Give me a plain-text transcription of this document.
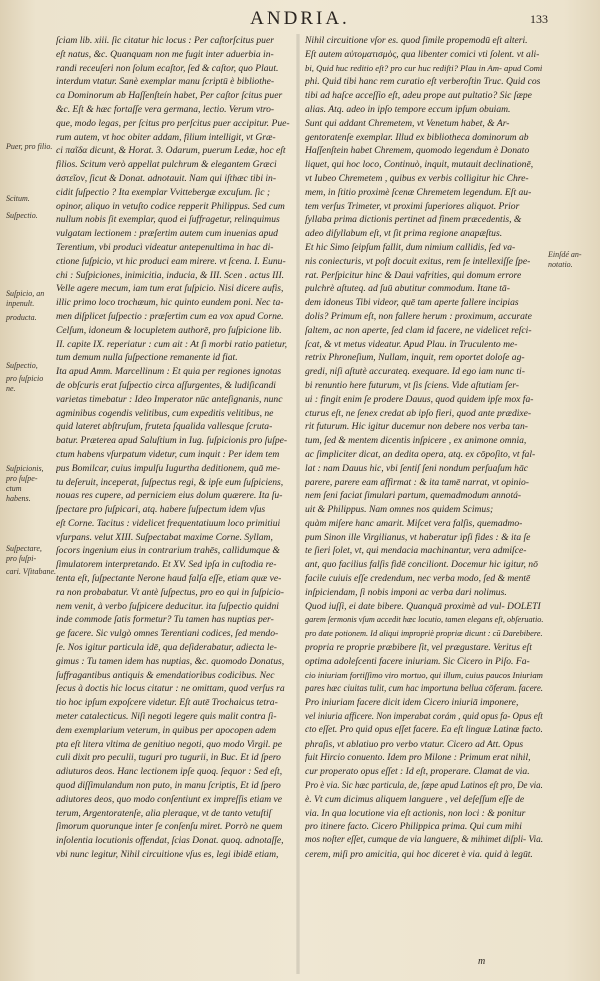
ANDRIA.	133
Puer, pro filio.
Scitum.
Suſpectio.
Suſpicio, an
inpenult.
producta.
Suſpectio,
pro ſuſpicio
ne.
Suſpicionis,
pro ſuſpe-
ctum
habens.
Suſpectare,
pro ſuſpi-
cari. Vſitabane.
ſciam lib. xiii. ſic citatur hic locus : Per caſtorſcitus puer
eſt natus, &c. Quanquam non me fugit inter aduerbia in-
randi receuſeri non ſolum ecaſtor, ſed & caſtor, quo Plaut.
interdum vtatur. Sanè exemplar manu ſcriptū è bibliothe-
ca Dominorum ab Haſſenſteín habet, Per caſtor ſcitus puer
&c. Eſt & hæc fortaſſe vera germana, lectio. Verum vtro-
que, modo legas, per ſcitus pro perſcitus puer accipitur. Pue-
rum autem, vt hoc obiter addam, filium intelligit, vt Græ-
ci παῖδα dicunt, & Horat. 3. Odarum, puerum Ledæ, hoc eſt
filios. Scitum verò appellat pulchrum & elegantem Græci
ἀστεῖον, ſicut & Donat. adnotauit. Nam qui iſthæc tibi in-
cidit ſuſpectio ? Ita exemplar Vvittebergæ excuſum. ſic ;
opinor, aliquo in vetuſto codice repperit Philippus. Sed cum
nullum nobis ſit exemplar, quod ei ſuffragetur, relinquimus
vulgatam lectionem : præſertim autem cum inuenias apud
Terentium, vbi producì videatur antepenultima in hac di-
ctione ſuſpicio, vt hic produci eam mirere. vt ſcena. I. Eunu-
chi : Suſpiciones, inimicitia, inducia, & III. Scen . actus III.
Velle agere mecum, iam tum erat ſuſpicio. Nisi dicere aufis,
illic primo loco trochæum, hic quinto eundem poni. Nec ta-
men diſplicet ſuſpectio : præſertim cum ea vox apud Corne.
Celſum, idoneum & locupletem authorē, pro ſuſpicione lib.
II. capite IX. reperiatur : cum ait : At ſi morbi ratio patietur,
tum demum nulla ſuſpectione remanente id fiat.
Ita apud Amm. Marcellinum : Et quia per regiones ignotas
de obſcuris erat ſuſpectio circa aſſurgentes, & ludiſicandi
varietas timebatur : Ideo Imperator nūc anteſignanis, nunc
agminibus cogendis velitibus, cum expeditis velitibus, ne
quid lateret abſtruſum, fruteta ſqualida vallesque ſcruta-
batur. Præterea apud Saluſtium in Iug. ſuſpicionis pro ſuſpe-
ctum habens vſurpatum videtur, cum inquit : Per idem tem
pus Bomilcar, cuius impulſu Iugurtha deditionem, quā me-
tu deſeruit, inceperat, ſuſpectus regi, & ipſe eum ſuſpiciens,
nouas res cupere, ad perniciem eius dolum quærere. Ita ſu-
ſpectare pro ſuſpicari, atq. habere ſuſpectum idem vſus
eſt Corne. Tacitus : videlicet frequentatiuum loco primitiui
vſurpans. velut XIII. Suſpectabat maxime Corne. Syllam,
ſocors ingenium eius in contrarium trahēs, callidumque &
ſimulatorem interpretando. Et XV. Sed ipſa in cuſtodia re-
tenta eſt, ſuſpectante Nerone haud falſa eſſe, etiam quæ ve-
ra non probabatur. Vt antè ſuſpectus, pro eo qui in ſuſpicio-
nem venit, à verbo ſuſpicere deducitur. ita ſuſpectio quidni
inde commode ſatis formetur? Tu tamen has nuptias per-
ge facere. Sic vulgò omnes Terentiani codices, ſed mendo-
ſe. Nos igitur particula idē, qua deſiderabatur, adiecta le-
gimus : Tu tamen idem has nuptias, &c. quomodo Donatus,
ſuffragantibus antiquis & emendatioribus codicibus. Nec
ſecus à doctis hic locus citatur : ne omittam, quod verſus ra
tio hoc ipſum expoſcere videtur. Eſt autē Trochaicus tetra-
meter catalecticus. Niſi negoti legere quis malit contra ſi-
dem exemplarium veterum, in quibus per apocopen adem
pta eſt litera vltima de genitiuo negoti, quo modo Virgil. pe
culi dixit pro peculii, tuguri pro tugurii, in Buc. Et id ſpero
adiuturos deos. Hanc lectionem ipſe quoq. ſequor : Sed eſt,
quod diſſimulandum non puto, in manu ſcriptis, Et id ſpero
adiutores deos, quo modo conſentiunt ex impreſſis etiam ve
terum, Argentoratenſe, alia pleraque, vt de tanto vetuſtiſ
ſimorum quorunque inter ſe conſenſu miret. Porrò ne quem
inſolentia locutionis offendat, ſcias Donat. quoq. adnotaſſe,
vbi nunc legitur, Nihil circuitione vſus es, legi ibidē etiam,
Nihil circuitione vſor es. quod ſimile propemodū eſt alteri.
Eſt autem αὐτοματισμὸς, qua libenter comici vti ſolent. vt ali-
bi, Quid huc reditio eſt? pro cur huc rediſti? Plau in Am- apud Comi
phi. Quid tibi hanc rem curatio eſt verberoſtin Truc. Quid cos
tibi ad haſce acceſſio eſt, adeu prope aut pultatio? Sic ſæpe
alias. Atq. adeo in ipſo tempore eccum ipſum obuiam.
Sunt qui addant Chremetem, vt Venetum habet, & Ar-
gentoratenſe exemplar. Illud ex bibliotheca dominorum ab
Haſſenſtein habet Chremem, quomodo legendum è Donato
liquet, qui hoc loco, Continuò, inquit, mutauit declinationē,
vt Iubeo Chremetem , quibus ex verbis colligitur hic Chre-
mem, in ſtitio proximè ſcenæ Chremetem legendum. Eſt au-
tem verſus Trimeter, vt proximi ſuperiores aliquot. Prior
ſyllaba prima dictionis pertinet ad finem præcedentis, &
adeo diſyllabum eſt, vt ſit prima regione anapæſtus.
Et hic Simo ſeipſum fallit, dum nimium callidis, ſed va-
nis coniecturis, vt poſt docuit exitus, rem ſe intellexiſſe ſpe-
rat. Perſpicitur hinc & Daui vafrities, qui domum errore
pulchrè aſtuteq. ad ſuū abutitur commodum. Itane tā-
dem idoneus Tibi videor, quē tam aperte fallere incipias
dolis? Primum eſt, non fallere herum : proximum, accurate
ſaltem, ac non aperte, ſed clam id facere, ne videlicet reſci-
ſcat, & vt metus videatur. Apud Plau. in Truculento me-
retrix Phroneſium, Nullam, inquit, rem oportet doloſe ag-
gredi, niſi aſtutè accurateq. exequare. Id ego iam nunc ti-
bi renuntio here futurum, vt ſis ſciens. Vide aſtutiam ſer-
ui : fingit enim ſe prodere Dauus, quod quidem ipſe mox fa-
cturus eſt, ne ſenex credat ab ipſo fieri, quod ante prædixe-
rit futurum. Hic igitur ducemur non debere nos verba tan-
tum, ſed & mentem dicentis inſpicere , ex animone omnia,
ac ſimpliciter dicat, an dedita opera, atq. ex cōpoſito, vt fal-
lat : nam Dauus hic, vbi ſentiſ ſeni nondum perſuaſum hāc
parere, parere eam affirmat : & ita tamē narrat, vt opinio-
nem ſeni faciat ſimulari partum, quemadmodum annotá-
uit & Philippus. Nam omnes nos quidem Scimus;
quàm miſere hanc amarit. Miſcet vera falſis, quemadmo-
pum Sinon ille Virgilianus, vt haberatur ipſi fides : & ita ſe
te ſieri ſolet, vt, qui mendacia machinantur, vera admiſce-
ant, quo facilius falſis fidē conciliont. Docemur hic igitur, nō
facile cuiuis eſſe credendum, nec verba modo, ſed & mentē
inſpiciendam, ſi nobis imponi ac verba dari nolimus.
Quod iuſſi, ei date bibere. Quanquā proximè ad vul- DOLETI
garem ſermonis vſum accedit hæc locutio, tamen elegans eſt, obſeruatio.
pro date potionem. Id aliqui impropriè propriæ dicunt : cū Darebibere.
propria re proprie præbibere ſit, vel prægustare. Veritus eſt
optima adoleſcenti facere iniuriam. Sic Cicero in Piſo. Fa-
cio iniuriam fortiſſimo viro mortuo, qui illum, cuius paucos Iniuriam
pares hæc ciuitas tulit, cum hac importuna bellua cōferam. facere.
Pro iniuriam facere dicit idem Cicero iniuriā imponere,
vel iniuria afficere. Non imperabat corám , quid opus fa- Opus eſt
cto eſſet. Pro quid opus eſſet facere. Ea eſt linguæ Latinæ facto.
phraſis, vt ablatiuo pro verbo vtatur. Cicero ad Att. Opus
fuit Hircio conuento. Idem pro Milone : Primum erat nihil,
cur properato opus eſſet : Id eſt, properare. Clamat de via.
Pro è via. Sic hæc particula, de, ſæpe apud Latinos eſt pro, De via.
è. Vt cum dicimus aliquem languere , vel deſeſſum eſſe de
via. In qua locutione via eſt actionis, non loci : & ponitur
pro itinere facto. Cicero Philippica prima. Qui cum mihi
mos noſter eſſet, cumque de via languere, & mihimet diſpli- Via.
cerem, miſi pro amicitia, qui hoc diceret è via. quid à legūt.
Einſdé an-
notatio.
m
